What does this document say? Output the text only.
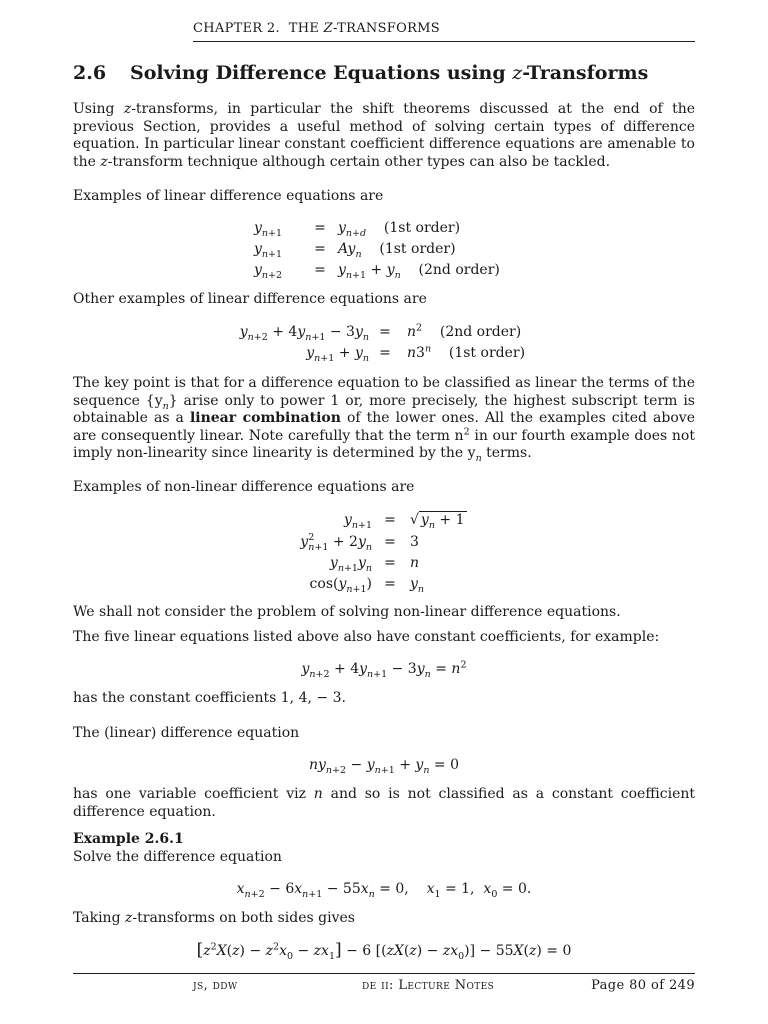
CHAPTER 2.  THE Z-TRANSFORMS
2.6 Solving Difference Equations using z-Transforms

Using z-transforms, in particular the shift theorems discussed at the end of the previous Section, provides a useful method of solving certain types of difference equation. In particular linear constant coefficient difference equations are amenable to the z-transform technique although certain other types can also be tackled.

Examples of linear difference equations are
$y_{n+1} = y_{n+d}$    (1st order)
$y_{n+1} = Ay_n$    (1st order)
$y_{n+2} = y_{n+1} + y_n$    (2nd order)
Other examples of linear difference equations are
$y_{n+2} + 4y_{n+1} - 3y_n = n^2$    (2nd order)
$y_{n+1} + y_n = n3^n$    (1st order)

The key point is that for a difference equation to be classified as linear the terms of the sequence $\{y_n\}$ arise only to power 1 or, more precisely, the highest subscript term is obtainable as a linear combination of the lower ones. All the examples cited above are consequently linear. Note carefully that the term $n^2$ in our fourth example does not imply non-linearity since linearity is determined by the $y_n$ terms.

Examples of non-linear difference equations are
$y_{n+1}$ = √ $y_n + 1$
$y^2_{n+1} + 2y_n = 3$
$y_{n+1}y_n = n$
$\cos(y_{n+1}) = y_n$
We shall not consider the problem of solving non-linear difference equations.
The five linear equations listed above also have constant coefficients, for example:
$y_{n+2} + 4y_{n+1} - 3y_n = n^2$
has the constant coefficients 1, 4, − 3.
The (linear) difference equation
$ny_{n+2} - y_{n+1} + y_n = 0$

has one variable coefficient viz n and so is not classified as a constant coefficient difference equation.

Example 2.6.1
Solve the difference equation
$x_{n+2} - 6x_{n+1} - 55x_n = 0$,    $x_1 = 1$,  $x_0 = 0$.
Taking z-transforms on both sides gives
$[z^2X(z) - z^2x_0 - zx_1] - 6$ $[(zX(z) - zx_0)] - 55X(z) = 0$
js, ddw	de ii: Lecture Notes	Page 80 of 249
